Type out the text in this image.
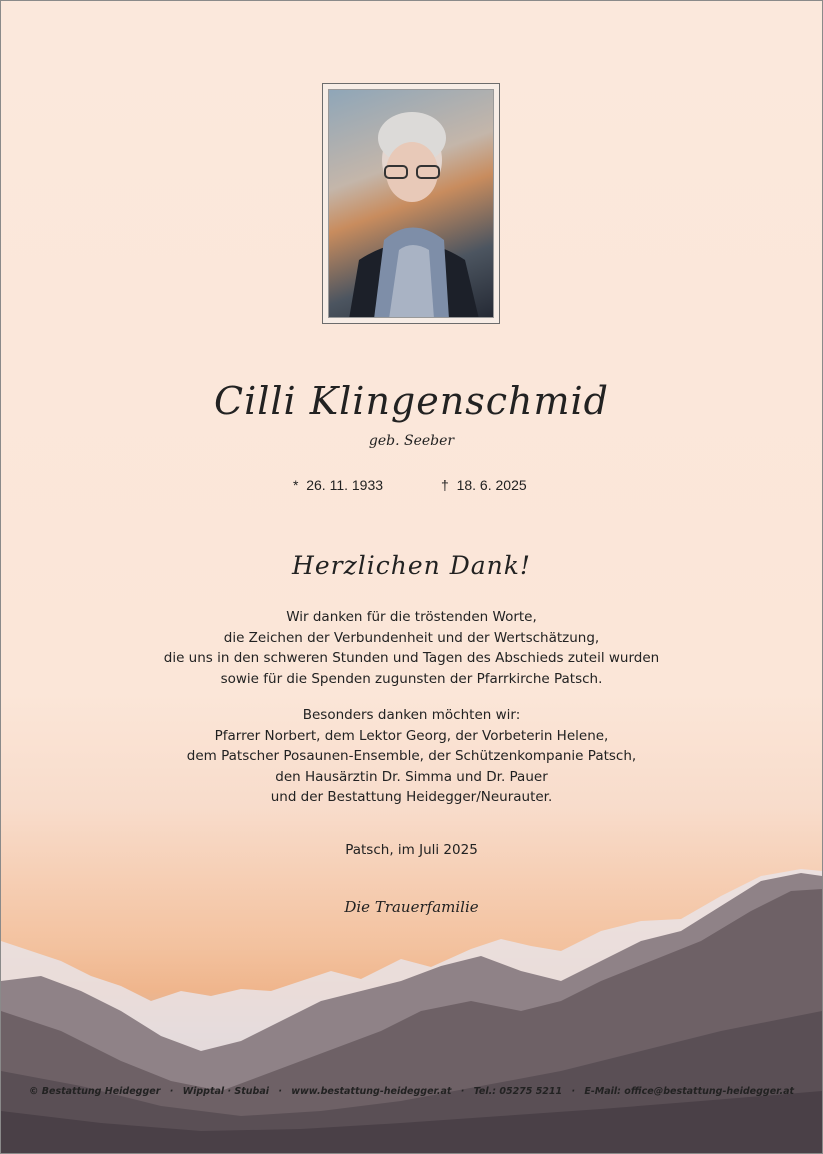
Cilli Klingenschmid
geb. Seeber
* 26. 11. 1933	† 18. 6. 2025
Herzlichen Dank!
Wir danken für die tröstenden Worte,
die Zeichen der Verbundenheit und der Wertschätzung,
die uns in den schweren Stunden und Tagen des Abschieds zuteil wurden
sowie für die Spenden zugunsten der Pfarrkirche Patsch.
Besonders danken möchten wir:
Pfarrer Norbert, dem Lektor Georg, der Vorbeterin Helene,
dem Patscher Posaunen-Ensemble, der Schützenkompanie Patsch,
den Hausärztin Dr. Simma und Dr. Pauer
und der Bestattung Heidegger/Neurauter.
Patsch, im Juli 2025
Die Trauerfamilie
© Bestattung Heidegger · Wipptal · Stubai · www.bestattung-heidegger.at · Tel.: 05275 5211 · E-Mail: office@bestattung-heidegger.at
